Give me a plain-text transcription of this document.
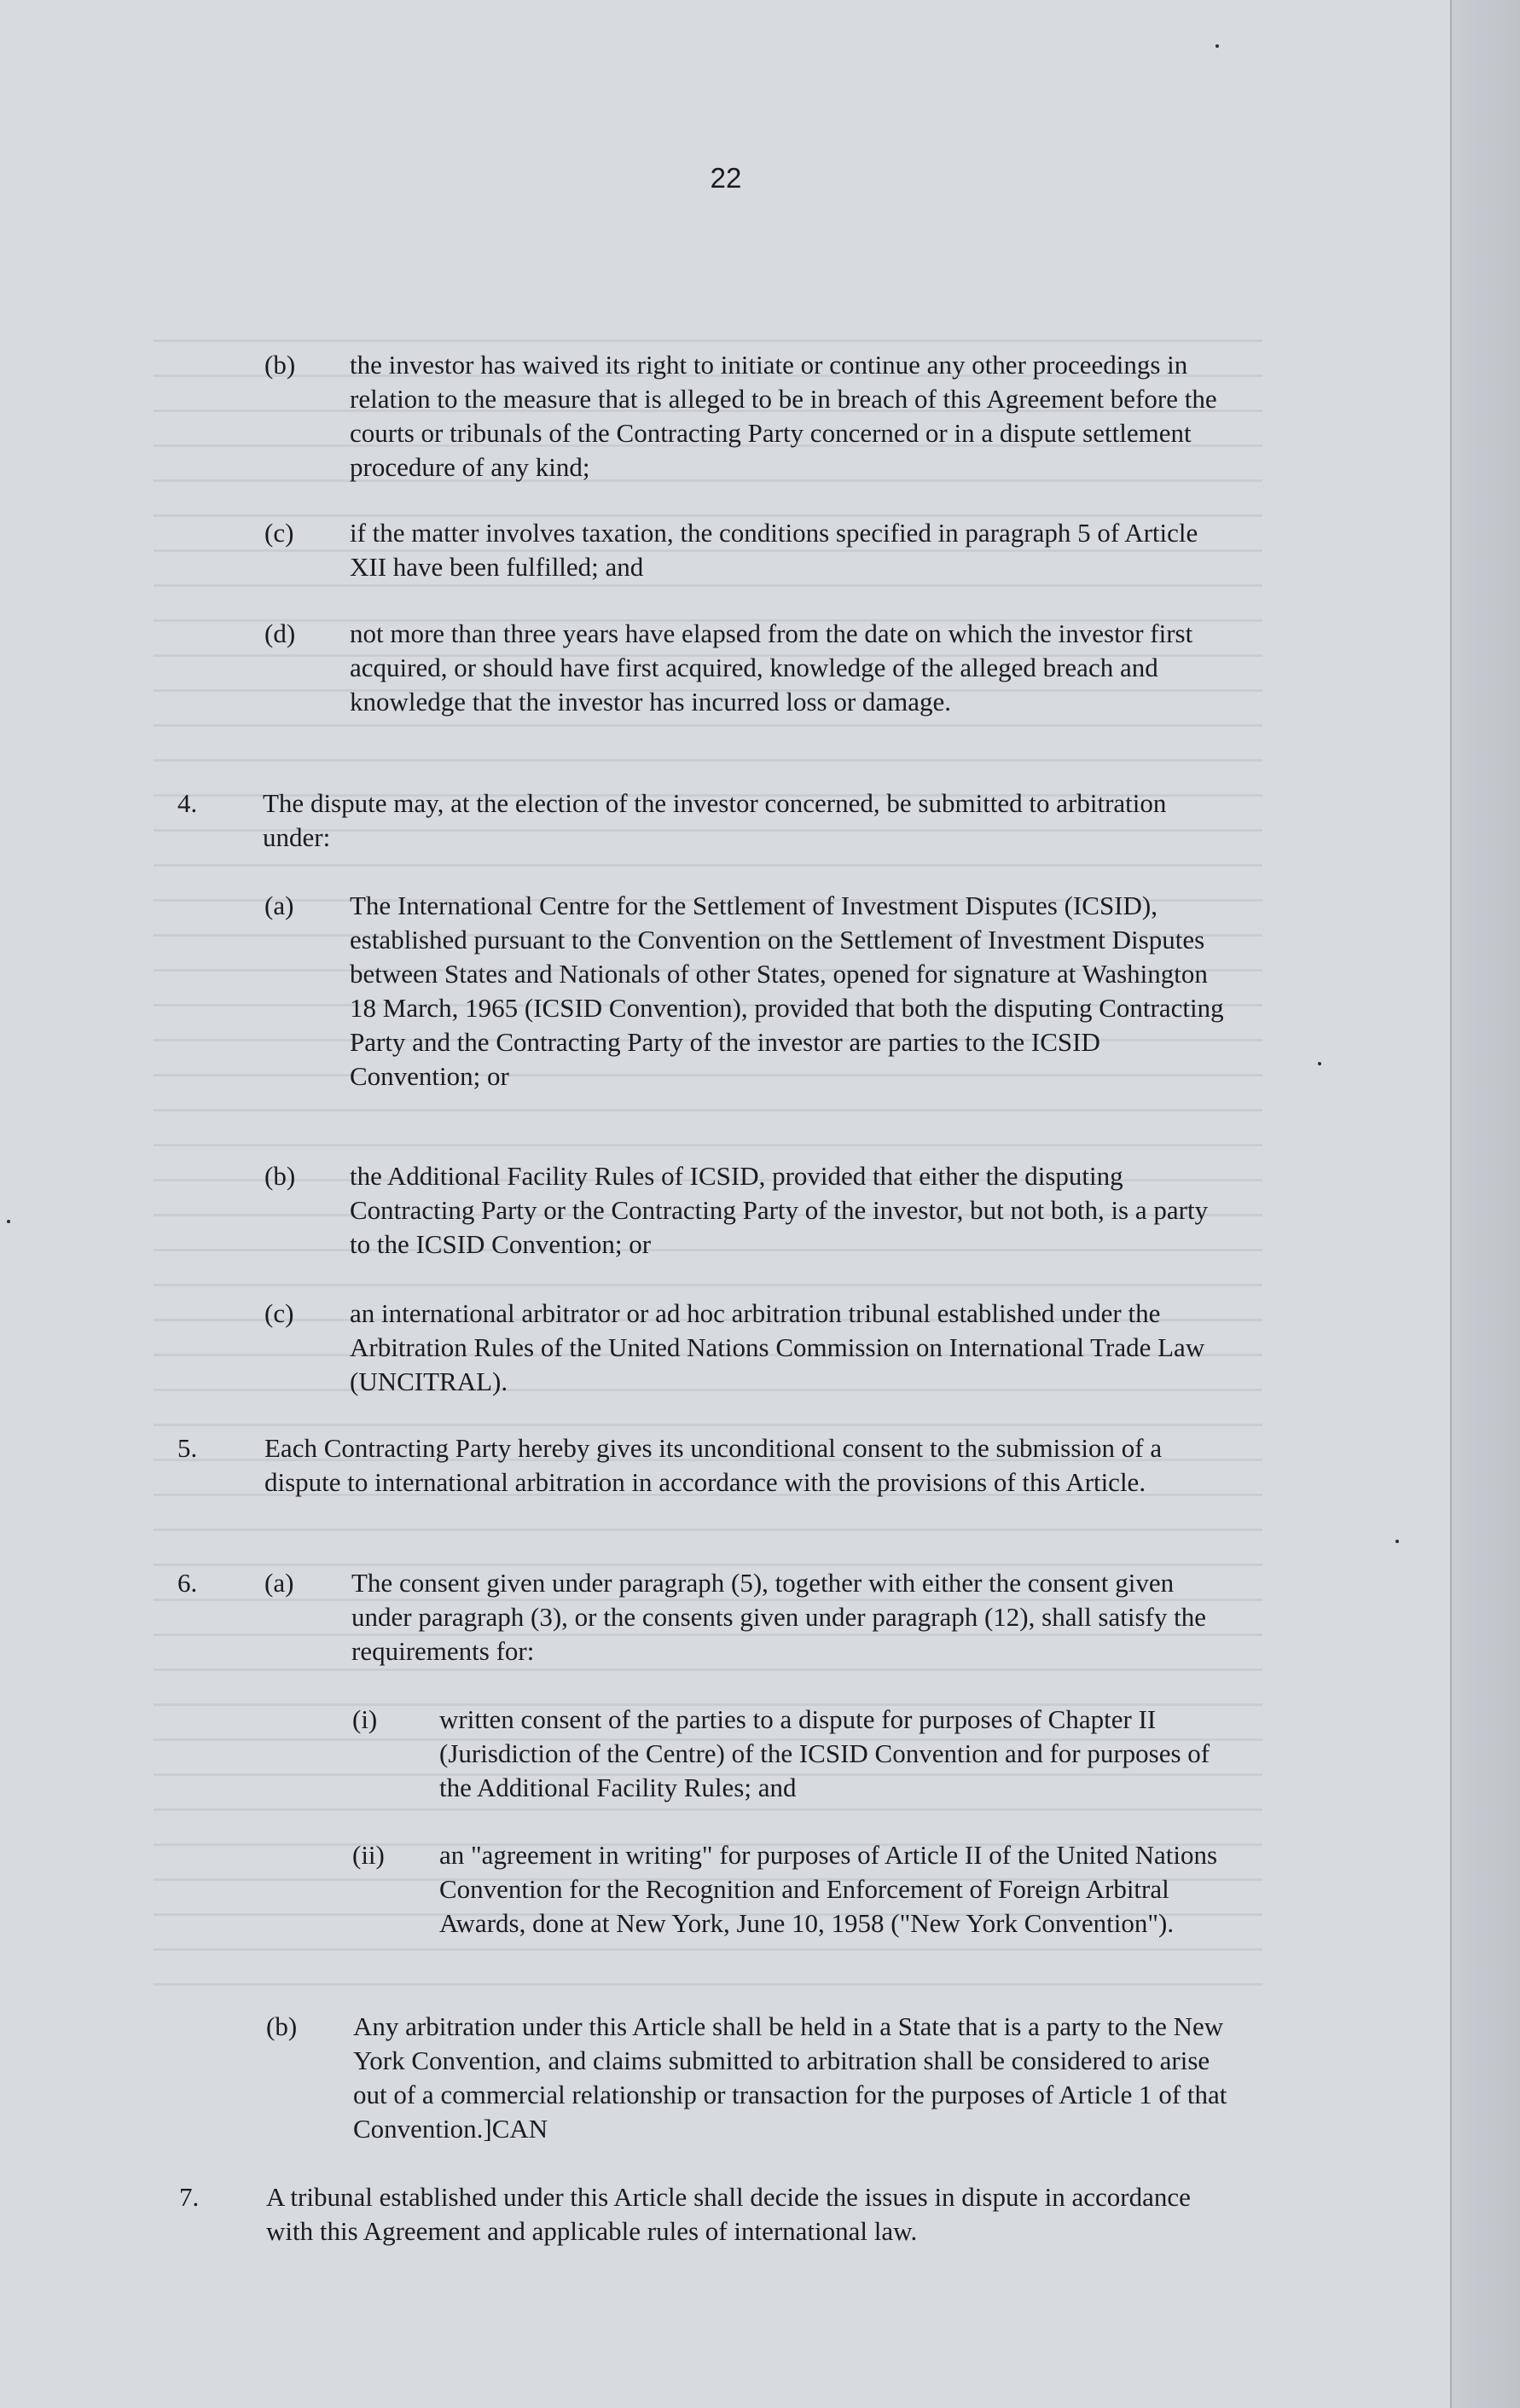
22
(b) the investor has waived its right to initiate or continue any other proceedings in relation to the measure that is alleged to be in breach of this Agreement before the courts or tribunals of the Contracting Party concerned or in a dispute settlement procedure of any kind;
(c) if the matter involves taxation, the conditions specified in paragraph 5 of Article XII have been fulfilled; and
(d) not more than three years have elapsed from the date on which the investor first acquired, or should have first acquired, knowledge of the alleged breach and knowledge that the investor has incurred loss or damage.
4. The dispute may, at the election of the investor concerned, be submitted to arbitration under:
(a) The International Centre for the Settlement of Investment Disputes (ICSID), established pursuant to the Convention on the Settlement of Investment Disputes between States and Nationals of other States, opened for signature at Washington 18 March, 1965 (ICSID Convention), provided that both the disputing Contracting Party and the Contracting Party of the investor are parties to the ICSID Convention; or
(b) the Additional Facility Rules of ICSID, provided that either the disputing Contracting Party or the Contracting Party of the investor, but not both, is a party to the ICSID Convention; or
(c) an international arbitrator or ad hoc arbitration tribunal established under the Arbitration Rules of the United Nations Commission on International Trade Law (UNCITRAL).
5.	Each Contracting Party hereby gives its unconditional consent to the submission of a dispute to international arbitration in accordance with the provisions of this Article.
6.	(a) The consent given under paragraph (5), together with either the consent given under paragraph (3), or the consents given under paragraph (12), shall satisfy the requirements for:
(i) written consent of the parties to a dispute for purposes of Chapter II (Jurisdiction of the Centre) of the ICSID Convention and for purposes of the Additional Facility Rules; and
(ii) an "agreement in writing" for purposes of Article II of the United Nations Convention for the Recognition and Enforcement of Foreign Arbitral Awards, done at New York, June 10, 1958 ("New York Convention").
(b) Any arbitration under this Article shall be held in a State that is a party to the New York Convention, and claims submitted to arbitration shall be considered to arise out of a commercial relationship or transaction for the purposes of Article 1 of that Convention.]CAN
7.	A tribunal established under this Article shall decide the issues in dispute in accordance with this Agreement and applicable rules of international law.
